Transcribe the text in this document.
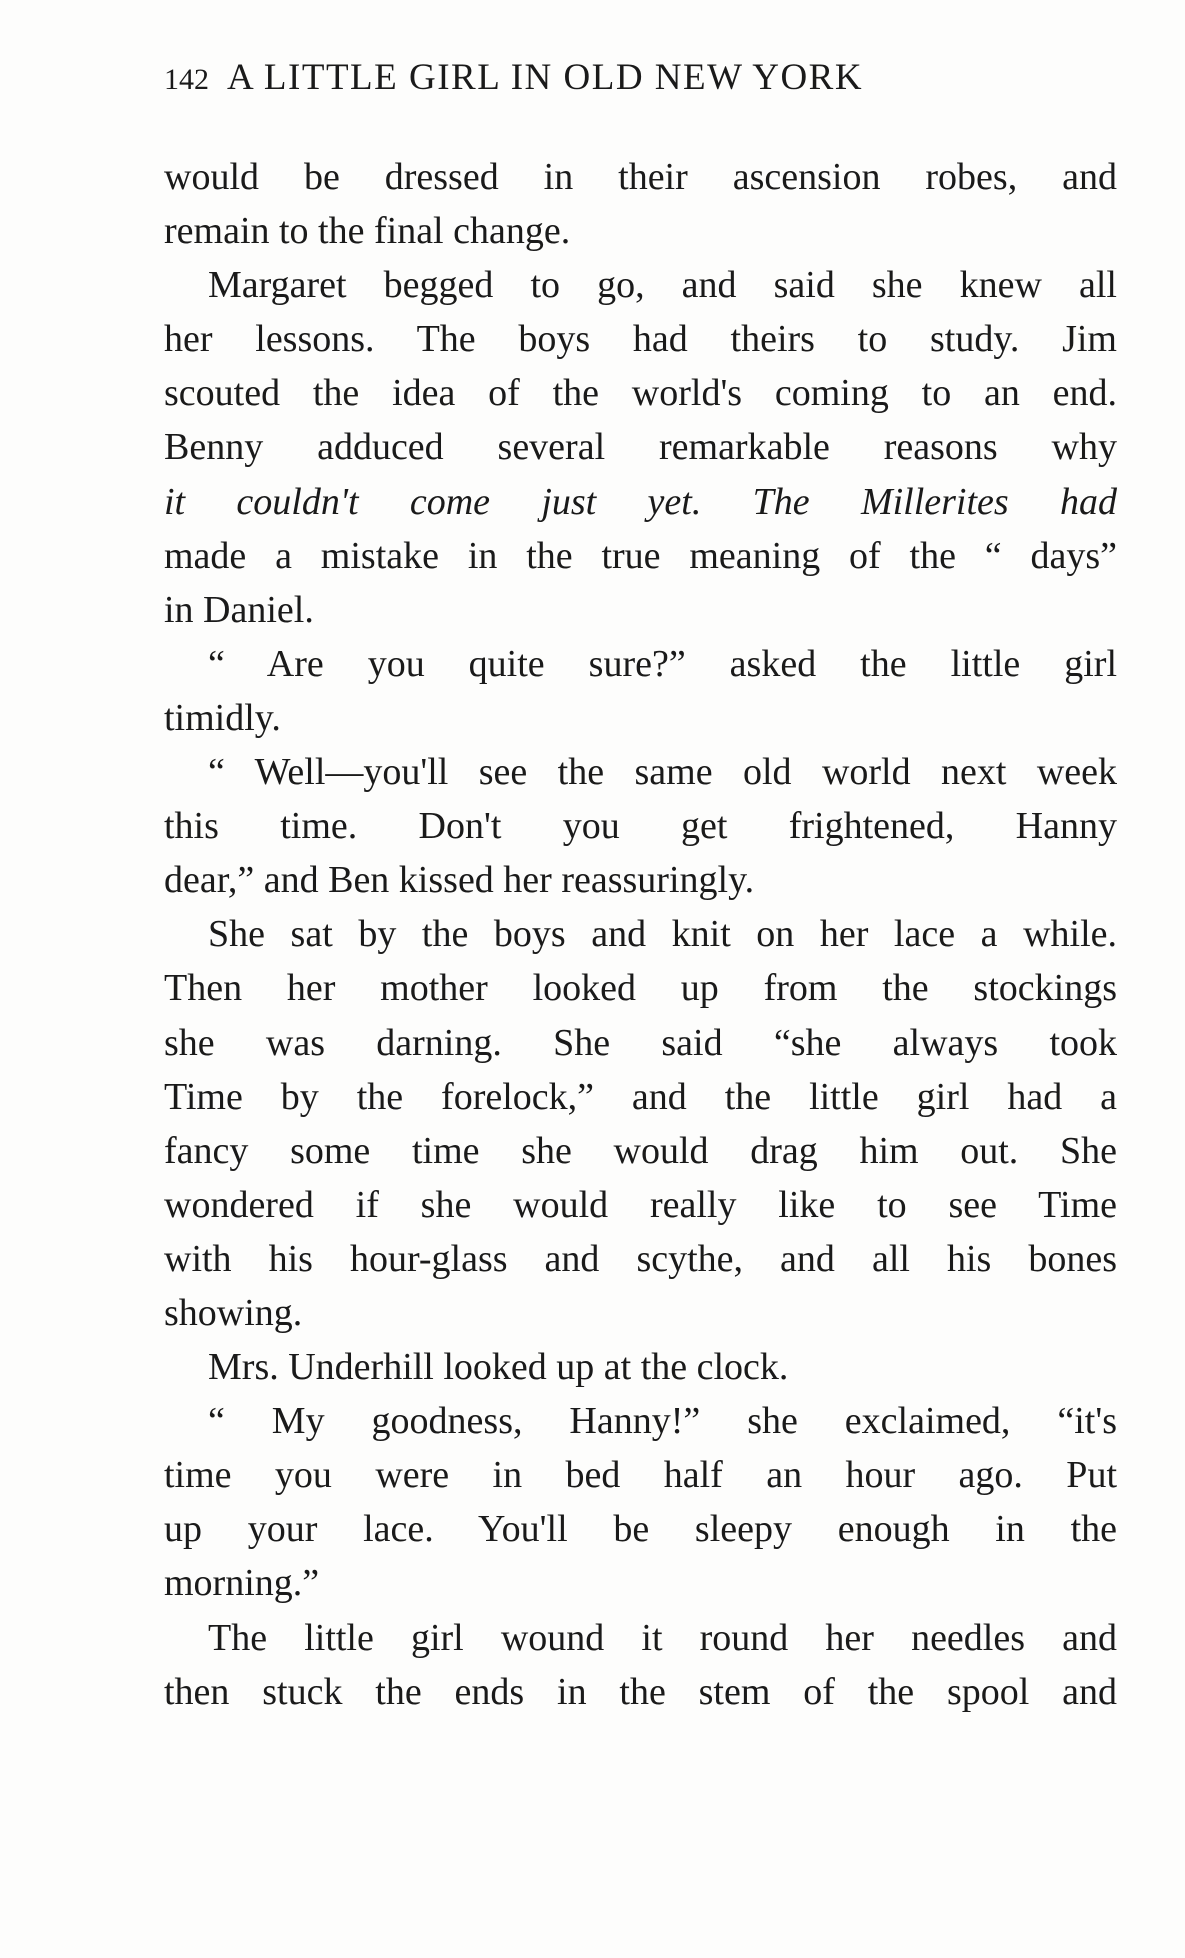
142 A LITTLE GIRL IN OLD NEW YORK
would be dressed in their ascension robes, and
remain to the final change.
Margaret begged to go, and said she knew all
her lessons. The boys had theirs to study. Jim
scouted the idea of the world's coming to an end.
Benny adduced several remarkable reasons why
it couldn't come just yet. The Millerites had
made a mistake in the true meaning of the “ days”
in Daniel.
“ Are you quite sure?” asked the little girl
timidly.
“ Well—you'll see the same old world next week
this time. Don't you get frightened, Hanny
dear,” and Ben kissed her reassuringly.
She sat by the boys and knit on her lace a while.
Then her mother looked up from the stockings
she was darning. She said “she always took
Time by the forelock,” and the little girl had a
fancy some time she would drag him out. She
wondered if she would really like to see Time
with his hour-glass and scythe, and all his bones
showing.
Mrs. Underhill looked up at the clock.
“ My goodness, Hanny!” she exclaimed, “it's
time you were in bed half an hour ago. Put
up your lace. You'll be sleepy enough in the
morning.”
The little girl wound it round her needles and
then stuck the ends in the stem of the spool and
